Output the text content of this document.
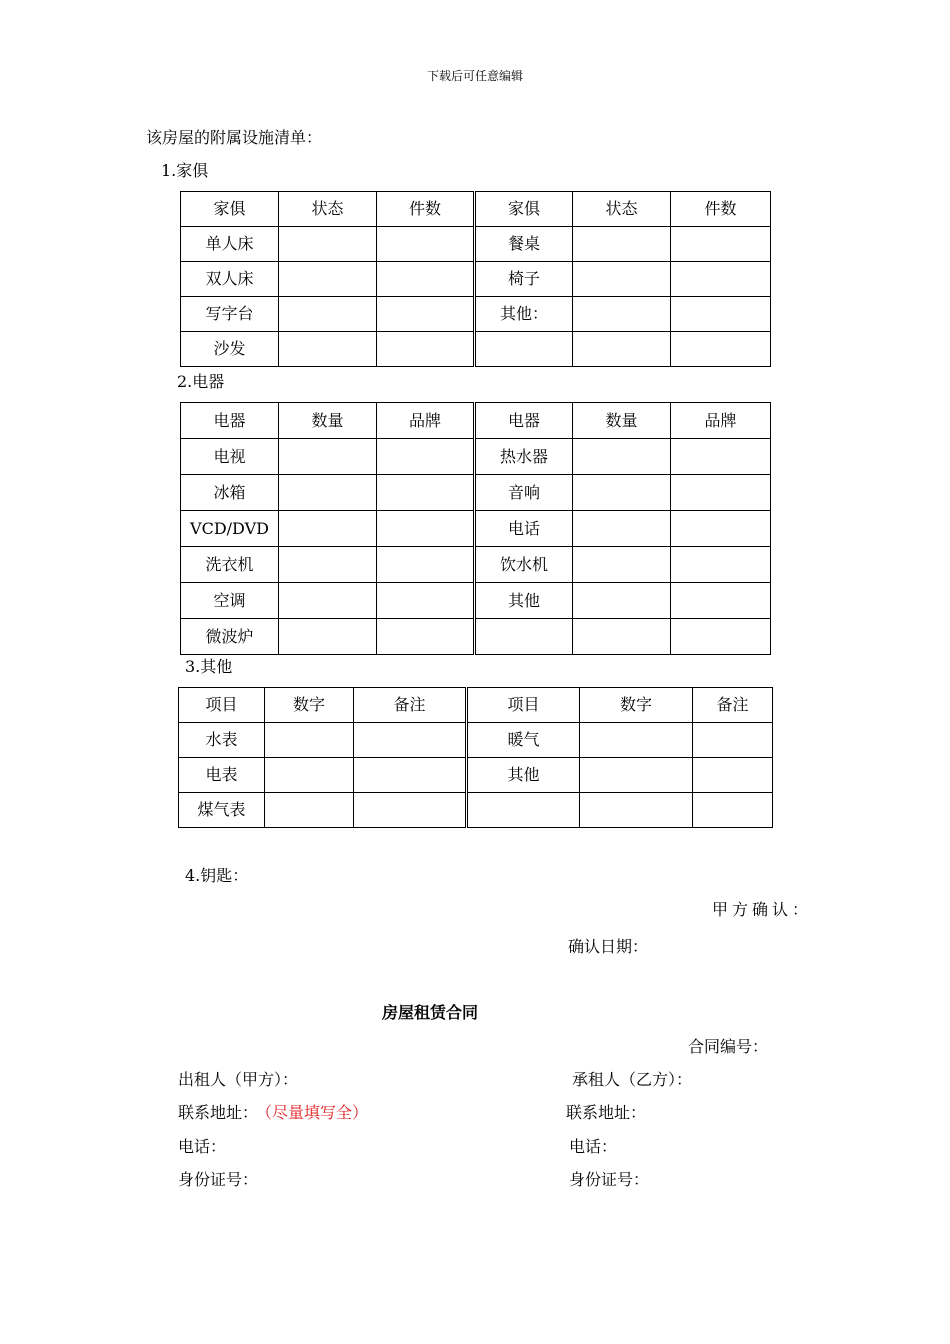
下载后可任意编辑
该房屋的附属设施清单：
1.家俱
家俱	状态	件数	家俱	状态	件数
单人床			餐桌		
双人床			椅子		
写字台			其他：		
沙发					
2.电器
电器	数量	品牌	电器	数量	品牌
电视			热水器		
冰箱			音响		
VCD/DVD			电话		
洗衣机			饮水机		
空调			其他		
微波炉					
3.其他
项目	数字	备注	项目	数字	备注
水表			暖气		
电表			其他		
煤气表					
4.钥匙：
甲方确认：
确认日期：
房屋租赁合同
合同编号：
出租人（甲方）：	承租人（乙方）：
联系地址： （尽量填写全）	联系地址：
电话：	电话：
身份证号：	身份证号：
